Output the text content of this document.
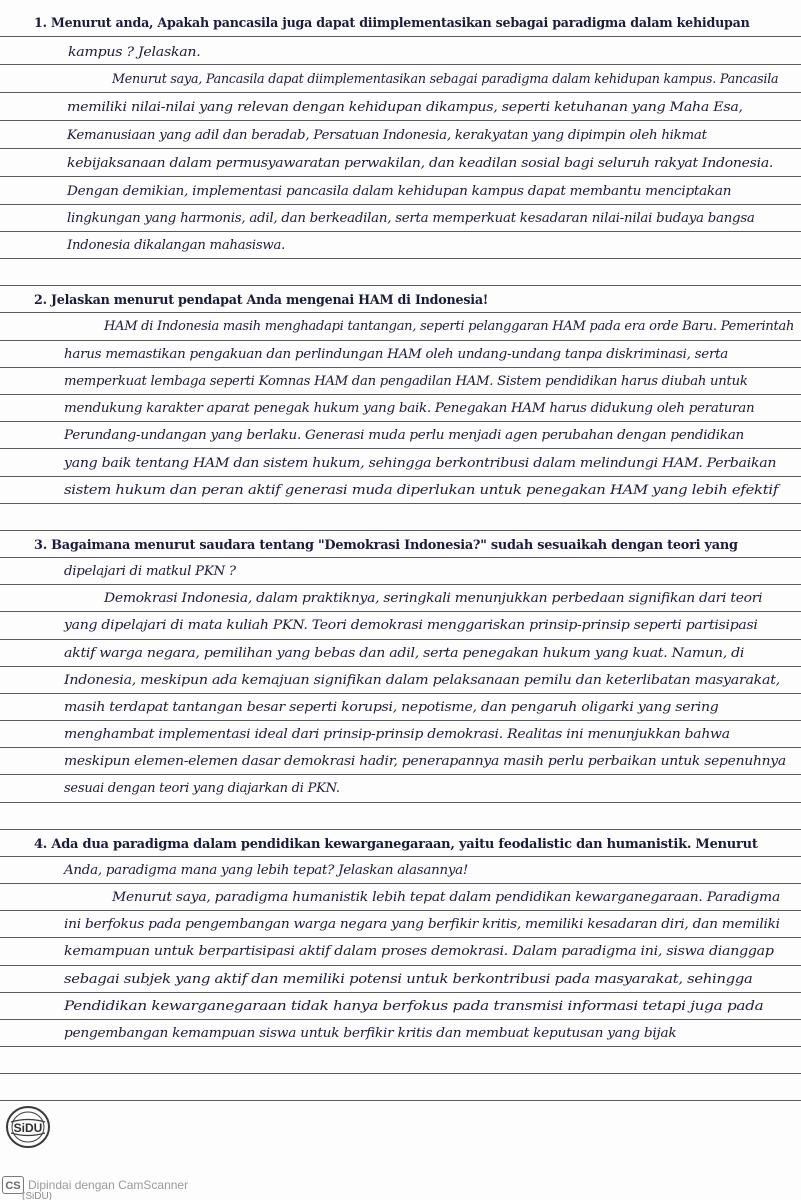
1. Menurut anda, Apakah pancasila juga dapat diimplementasikan sebagai paradigma dalam kehidupan
kampus ? Jelaskan.
Menurut saya, Pancasila dapat diimplementasikan sebagai paradigma dalam kehidupan kampus. Pancasila
memiliki nilai-nilai yang relevan dengan kehidupan dikampus, seperti ketuhanan yang Maha Esa,
Kemanusiaan yang adil dan beradab, Persatuan Indonesia, kerakyatan yang dipimpin oleh hikmat
kebijaksanaan dalam permusyawaratan perwakilan, dan keadilan sosial bagi seluruh rakyat Indonesia.
Dengan demikian, implementasi pancasila dalam kehidupan kampus dapat membantu menciptakan
lingkungan yang harmonis, adil, dan berkeadilan, serta memperkuat kesadaran nilai-nilai budaya bangsa
Indonesia dikalangan mahasiswa.
2. Jelaskan menurut pendapat Anda mengenai HAM di Indonesia!
HAM di Indonesia masih menghadapi tantangan, seperti pelanggaran HAM pada era orde Baru. Pemerintah
harus memastikan pengakuan dan perlindungan HAM oleh undang-undang tanpa diskriminasi, serta
memperkuat lembaga seperti Komnas HAM dan pengadilan HAM. Sistem pendidikan harus diubah untuk
mendukung karakter aparat penegak hukum yang baik. Penegakan HAM harus didukung oleh peraturan
Perundang-undangan yang berlaku. Generasi muda perlu menjadi agen perubahan dengan pendidikan
yang baik tentang HAM dan sistem hukum, sehingga berkontribusi dalam melindungi HAM. Perbaikan
sistem hukum dan peran aktif generasi muda diperlukan untuk penegakan HAM yang lebih efektif
3. Bagaimana menurut saudara tentang "Demokrasi Indonesia?" sudah sesuaikah dengan teori yang
dipelajari di matkul PKN ?
Demokrasi Indonesia, dalam praktiknya, seringkali menunjukkan perbedaan signifikan dari teori
yang dipelajari di mata kuliah PKN. Teori demokrasi menggariskan prinsip-prinsip seperti partisipasi
aktif warga negara, pemilihan yang bebas dan adil, serta penegakan hukum yang kuat. Namun, di
Indonesia, meskipun ada kemajuan signifikan dalam pelaksanaan pemilu dan keterlibatan masyarakat,
masih terdapat tantangan besar seperti korupsi, nepotisme, dan pengaruh oligarki yang sering
menghambat implementasi ideal dari prinsip-prinsip demokrasi. Realitas ini menunjukkan bahwa
meskipun elemen-elemen dasar demokrasi hadir, penerapannya masih perlu perbaikan untuk sepenuhnya
sesuai dengan teori yang diajarkan di PKN.
4. Ada dua paradigma dalam pendidikan kewarganegaraan, yaitu feodalistic dan humanistik. Menurut
Anda, paradigma mana yang lebih tepat? Jelaskan alasannya!
Menurut saya, paradigma humanistik lebih tepat dalam pendidikan kewarganegaraan. Paradigma
ini berfokus pada pengembangan warga negara yang berfikir kritis, memiliki kesadaran diri, dan memiliki
kemampuan untuk berpartisipasi aktif dalam proses demokrasi. Dalam paradigma ini, siswa dianggap
sebagai subjek yang aktif dan memiliki potensi untuk berkontribusi pada masyarakat, sehingga
Pendidikan kewarganegaraan tidak hanya berfokus pada transmisi informasi tetapi juga pada
pengembangan kemampuan siswa untuk berfikir kritis dan membuat keputusan yang bijak
SiDU
CS Dipindai dengan CamScanner
(SiDU)
